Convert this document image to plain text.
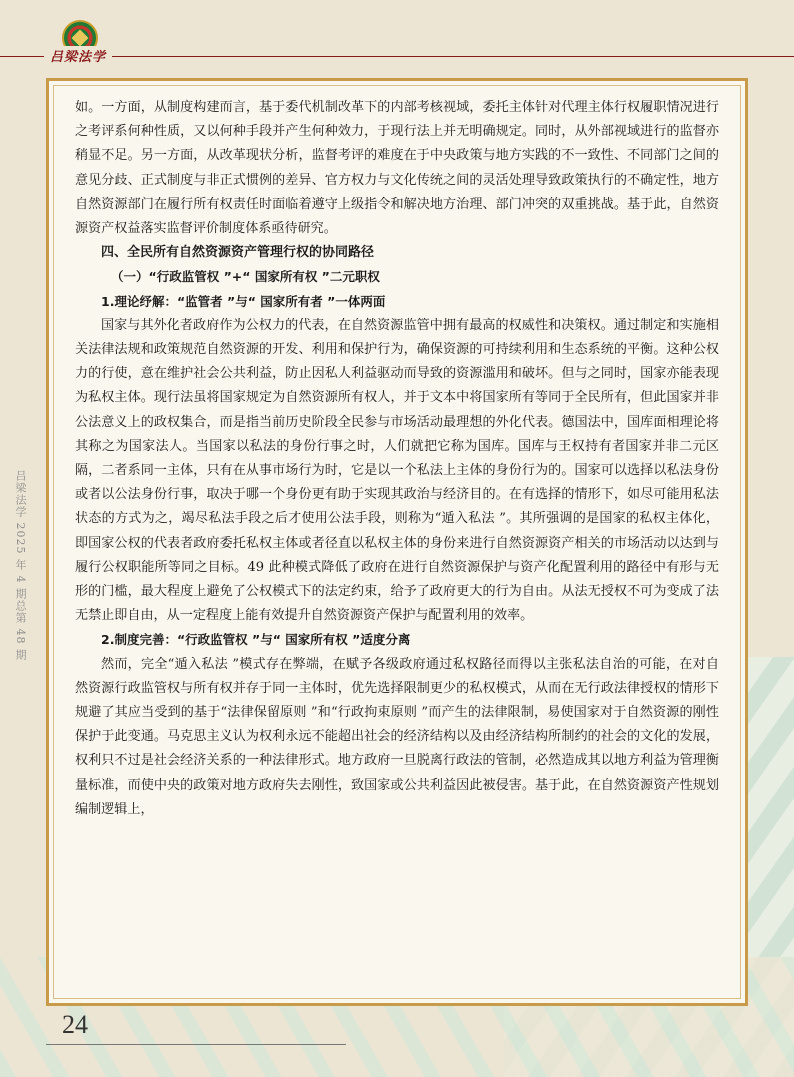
吕梁法学
吕梁法学 2025 年 4 期总第 48 期

如。一方面，从制度构建而言，基于委代机制改革下的内部考核视域，委托主体针对代理主体行权履职情况进行之考评系何种性质，又以何种手段并产生何种效力，于现行法上并无明确规定。同时，从外部视域进行的监督亦稍显不足。另一方面，从改革现状分析，监督考评的难度在于中央政策与地方实践的不一致性、不同部门之间的意见分歧、正式制度与非正式惯例的差异、官方权力与文化传统之间的灵活处理导致政策执行的不确定性，地方自然资源部门在履行所有权责任时面临着遵守上级指令和解决地方治理、部门冲突的双重挑战。基于此，自然资源资产权益落实监督评价制度体系亟待研究。

四、全民所有自然资源资产管理行权的协同路径

（一）“行政监管权 ”+“ 国家所有权 ”二元职权

1.理论纾解：“监管者 ”与“ 国家所有者 ”一体两面

国家与其外化者政府作为公权力的代表，在自然资源监管中拥有最高的权威性和决策权。通过制定和实施相关法律法规和政策规范自然资源的开发、利用和保护行为，确保资源的可持续利用和生态系统的平衡。这种公权力的行使，意在维护社会公共利益，防止因私人利益驱动而导致的资源滥用和破坏。但与之同时，国家亦能表现为私权主体。现行法虽将国家规定为自然资源所有权人，并于文本中将国家所有等同于全民所有，但此国家并非公法意义上的政权集合，而是指当前历史阶段全民参与市场活动最理想的外化代表。德国法中，国库面相理论将其称之为国家法人。当国家以私法的身份行事之时，人们就把它称为国库。国库与王权持有者国家并非二元区隔，二者系同一主体，只有在从事市场行为时，它是以一个私法上主体的身份行为的。国家可以选择以私法身份或者以公法身份行事，取决于哪一个身份更有助于实现其政治与经济目的。在有选择的情形下，如尽可能用私法状态的方式为之，竭尽私法手段之后才使用公法手段，则称为“遁入私法 ”。其所强调的是国家的私权主体化，即国家公权的代表者政府委托私权主体或者径直以私权主体的身份来进行自然资源资产相关的市场活动以达到与履行公权职能所等同之目标。49 此种模式降低了政府在进行自然资源保护与资产化配置利用的路径中有形与无形的门槛，最大程度上避免了公权模式下的法定约束，给予了政府更大的行为自由。从法无授权不可为变成了法无禁止即自由，从一定程度上能有效提升自然资源资产保护与配置利用的效率。

2.制度完善：“行政监管权 ”与“ 国家所有权 ”适度分离

然而，完全“遁入私法 ”模式存在弊端，在赋予各级政府通过私权路径而得以主张私法自治的可能，在对自然资源行政监管权与所有权并存于同一主体时，优先选择限制更少的私权模式，从而在无行政法律授权的情形下规避了其应当受到的基于“法律保留原则 ”和“行政拘束原则 ”而产生的法律限制，易使国家对于自然资源的刚性保护于此变通。马克思主义认为权利永远不能超出社会的经济结构以及由经济结构所制约的社会的文化的发展，权利只不过是社会经济关系的一种法律形式。地方政府一旦脱离行政法的管制，必然造成其以地方利益为管理衡量标准，而使中央的政策对地方政府失去刚性，致国家或公共利益因此被侵害。基于此，在自然资源资产性规划编制逻辑上，

24
